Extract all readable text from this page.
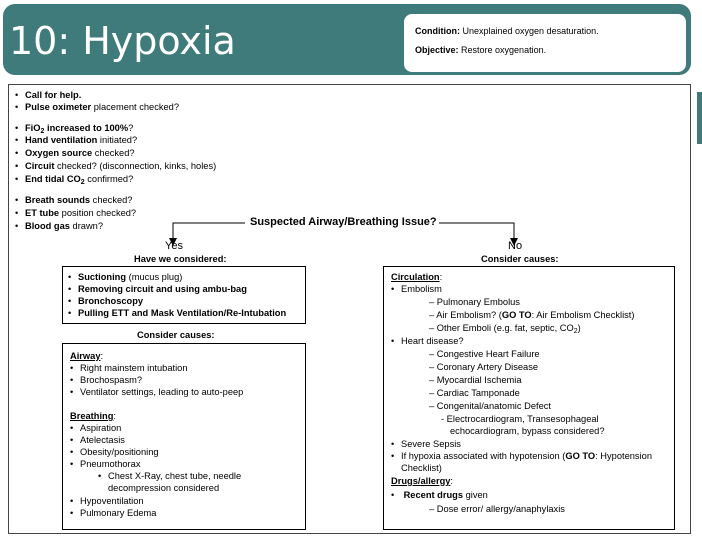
10: Hypoxia	Condition: Unexplained oxygen desaturation.
Objective: Restore oxygenation.
• Call for help.
• Pulse oximeter placement checked?
• FiO$_2$ increased to 100%?
• Hand ventilation initiated?
• Oxygen source checked?
• Circuit checked? (disconnection, kinks, holes)
• End tidal $CO_2$ confirmed?
• Breath sounds checked?
• ET tube position checked?
• Blood gas drawn?	Suspected Airway/Breathing Issue?
Yes	No
Have we considered:
• Suctioning (mucus plug)
• Removing circuit and using ambu-bag
• Bronchoscopy
• Pulling ETT and Mask Ventilation/Re-Intubation
Consider causes:
Airway:
• Right mainstem intubation
• Brochospasm?
• Ventilator settings, leading to auto-peep
Breathing:
• Aspiration
• Atelectasis
• Obesity/positioning
• Pneumothorax
• Chest X-Ray, chest tube, needle
decompression considered
• Hypoventilation
• Pulmonary Edema
Consider causes:
Circulation:
• Embolism
– Pulmonary Embolus
– Air Embolism? (GO TO: Air Embolism Checklist)
– Other Emboli (e.g. fat, septic, $CO_2$)
• Heart disease?
– Congestive Heart Failure
– Coronary Artery Disease
– Myocardial Ischemia
– Cardiac Tamponade
– Congenital/anatomic Defect
- Electrocardiogram, Transesophageal
echocardiogram, bypass considered?
• Severe Sepsis
• If hypoxia associated with hypotension (GO TO: Hypotension
Checklist)
Drugs/allergy:
• Recent drugs given
– Dose error/ allergy/anaphylaxis
